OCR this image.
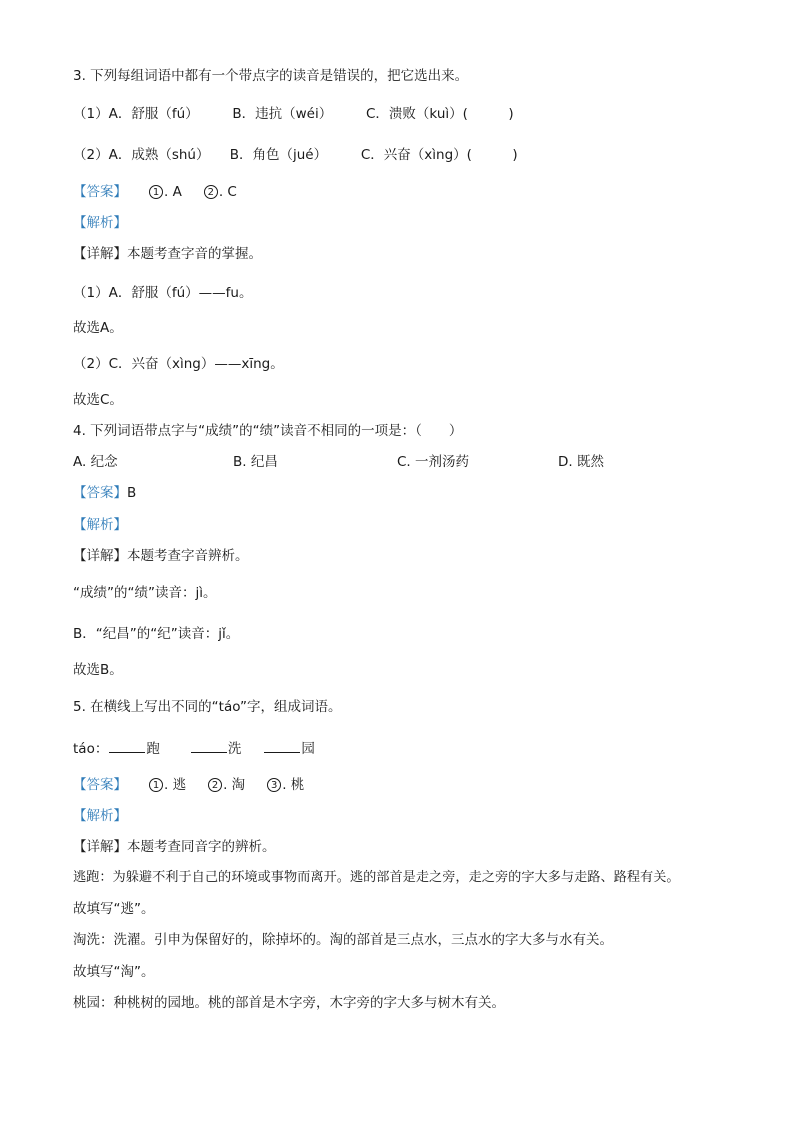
3. 下列每组词语中都有一个带点字的读音是错误的，把它选出来。
（1）A．舒服（fú）　　　B．违抗（wéi）　　　C．溃败（kuì）(　　　)
（2）A．成熟（shú）　　B．角色（jué）　　　C．兴奋（xìng）(　　　)
【答案】	1 . A	2 . C
【解析】
【详解】本题考查字音的掌握。
（1）A．舒服（fú）——fu。
故选A。
（2）C．兴奋（xìng）——xīng。
故选C。
4. 下列词语带点字与“成绩”的“绩”读音不相同的一项是：（　　）
A. 纪念	B. 纪昌	C. 一剂汤药	D. 既然
【答案】B
【解析】
【详解】本题考查字音辨析。
“成绩”的“绩”读音：jì。
B．“纪昌”的“纪”读音：jǐ。
故选B。
5. 在横线上写出不同的“táo”字，组成词语。
táo：	跑	洗	园
【答案】	1 . 逃	2 . 淘	3 . 桃
【解析】
【详解】本题考查同音字的辨析。
逃跑：为躲避不利于自己的环境或事物而离开。逃的部首是走之旁，走之旁的字大多与走路、路程有关。
故填写“逃”。
淘洗：洗濯。引申为保留好的，除掉坏的。淘的部首是三点水，三点水的字大多与水有关。
故填写“淘”。
桃园：种桃树的园地。桃的部首是木字旁，木字旁的字大多与树木有关。
